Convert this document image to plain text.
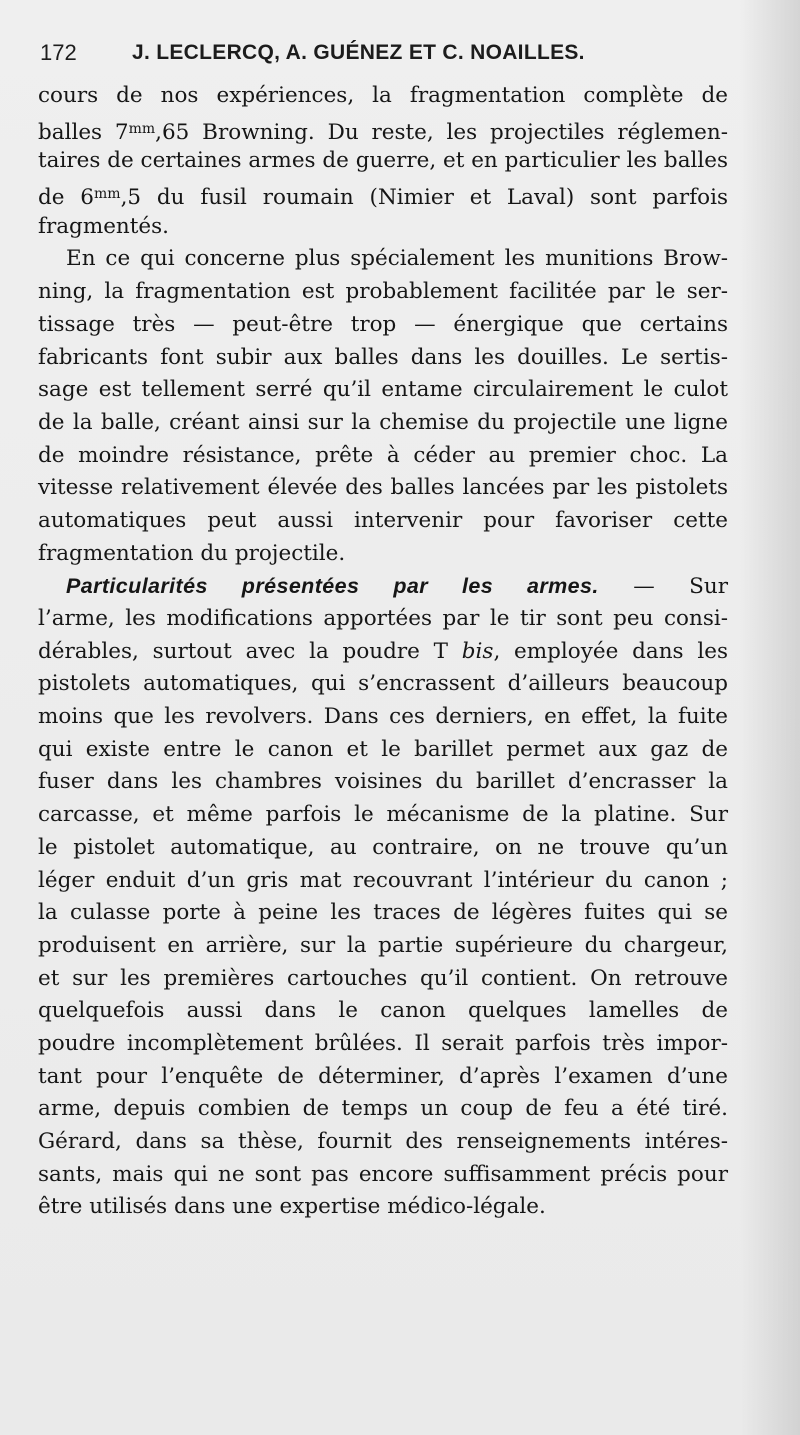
172	J. LECLERCQ, A. GUÉNEZ ET C. NOAILLES.
cours de nos expériences, la fragmentation complète de
balles $7^{mm},65$ Browning. Du reste, les projectiles réglemen-
taires de certaines armes de guerre, et en particulier les balles
de $6^{mm},5$ du fusil roumain (Nimier et Laval) sont parfois
fragmentés.
En ce qui concerne plus spécialement les munitions Brow-
ning, la fragmentation est probablement facilitée par le ser-
tissage très — peut-être trop — énergique que certains
fabricants font subir aux balles dans les douilles. Le sertis-
sage est tellement serré qu’il entame circulairement le culot
de la balle, créant ainsi sur la chemise du projectile une ligne
de moindre résistance, prête à céder au premier choc. La
vitesse relativement élevée des balles lancées par les pistolets
automatiques peut aussi intervenir pour favoriser cette
fragmentation du projectile.
Particularités présentées par les armes. — Sur
l’arme, les modifications apportées par le tir sont peu consi-
dérables, surtout avec la poudre T bis, employée dans les
pistolets automatiques, qui s’encrassent d’ailleurs beaucoup
moins que les revolvers. Dans ces derniers, en effet, la fuite
qui existe entre le canon et le barillet permet aux gaz de
fuser dans les chambres voisines du barillet d’encrasser la
carcasse, et même parfois le mécanisme de la platine. Sur
le pistolet automatique, au contraire, on ne trouve qu’un
léger enduit d’un gris mat recouvrant l’intérieur du canon ;
la culasse porte à peine les traces de légères fuites qui se
produisent en arrière, sur la partie supérieure du chargeur,
et sur les premières cartouches qu’il contient. On retrouve
quelquefois aussi dans le canon quelques lamelles de
poudre incomplètement brûlées. Il serait parfois très impor-
tant pour l’enquête de déterminer, d’après l’examen d’une
arme, depuis combien de temps un coup de feu a été tiré.
Gérard, dans sa thèse, fournit des renseignements intéres-
sants, mais qui ne sont pas encore suffisamment précis pour
être utilisés dans une expertise médico-légale.
